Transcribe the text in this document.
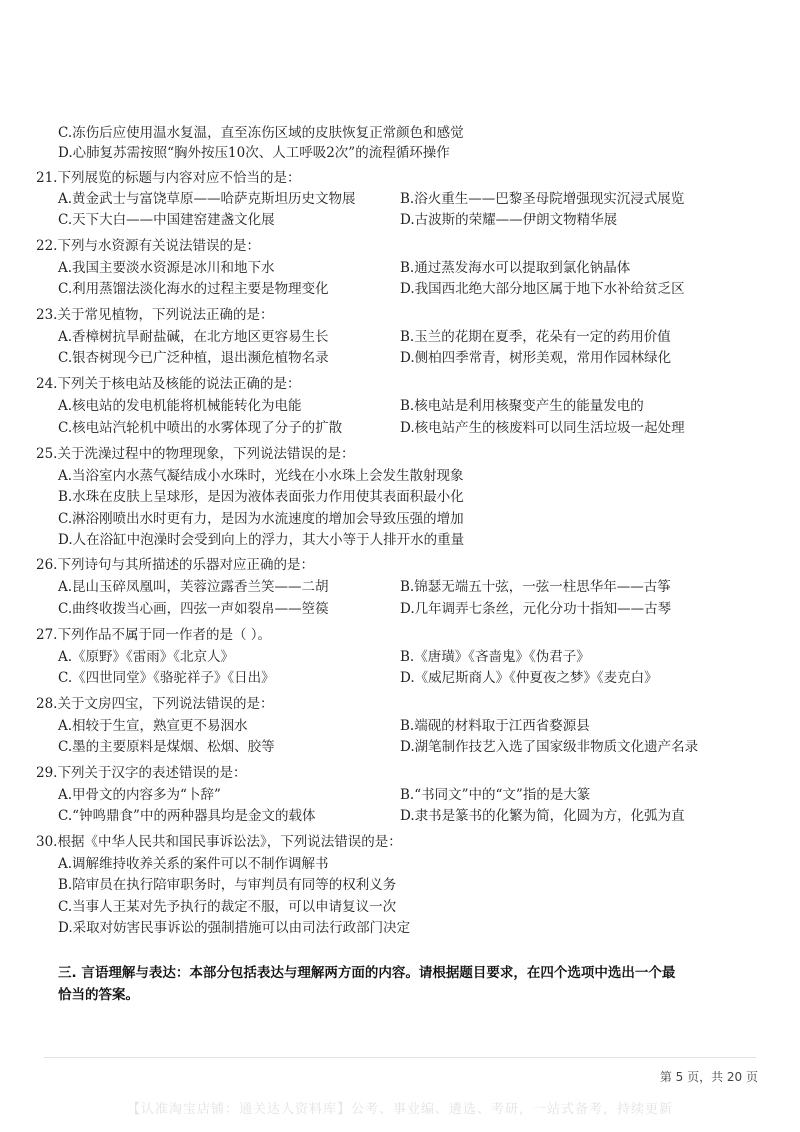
C.冻伤后应使用温水复温，直至冻伤区域的皮肤恢复正常颜色和感觉
D.心肺复苏需按照“胸外按压10次、人工呼吸2次”的流程循环操作
21.下列展览的标题与内容对应不恰当的是：
A.黄金武士与富饶草原——哈萨克斯坦历史文物展	B.浴火重生——巴黎圣母院增强现实沉浸式展览
C.天下大白——中国建窑建盏文化展	D.古波斯的荣耀——伊朗文物精华展
22.下列与水资源有关说法错误的是：
A.我国主要淡水资源是冰川和地下水	B.通过蒸发海水可以提取到氯化钠晶体
C.利用蒸馏法淡化海水的过程主要是物理变化	D.我国西北绝大部分地区属于地下水补给贫乏区
23.关于常见植物，下列说法正确的是：
A.香樟树抗旱耐盐碱，在北方地区更容易生长	B.玉兰的花期在夏季，花朵有一定的药用价值
C.银杏树现今已广泛种植，退出濒危植物名录	D.侧柏四季常青，树形美观，常用作园林绿化
24.下列关于核电站及核能的说法正确的是：
A.核电站的发电机能将机械能转化为电能	B.核电站是利用核聚变产生的能量发电的
C.核电站汽轮机中喷出的水雾体现了分子的扩散	D.核电站产生的核废料可以同生活垃圾一起处理
25.关于洗澡过程中的物理现象，下列说法错误的是：
A.当浴室内水蒸气凝结成小水珠时，光线在小水珠上会发生散射现象
B.水珠在皮肤上呈球形，是因为液体表面张力作用使其表面积最小化
C.淋浴刚喷出水时更有力，是因为水流速度的增加会导致压强的增加
D.人在浴缸中泡澡时会受到向上的浮力，其大小等于人排开水的重量
26.下列诗句与其所描述的乐器对应正确的是：
A.昆山玉碎凤凰叫，芙蓉泣露香兰笑——二胡	B.锦瑟无端五十弦，一弦一柱思华年——古筝
C.曲终收拨当心画，四弦一声如裂帛——箜篌	D.几年调弄七条丝，元化分功十指知——古琴
27.下列作品不属于同一作者的是（ ）。
A.《原野》《雷雨》《北京人》	B.《唐璜》《吝啬鬼》《伪君子》
C.《四世同堂》《骆驼祥子》《日出》	D.《威尼斯商人》《仲夏夜之梦》《麦克白》
28.关于文房四宝，下列说法错误的是：
A.相较于生宣，熟宣更不易洇水	B.端砚的材料取于江西省婺源县
C.墨的主要原料是煤烟、松烟、胶等	D.湖笔制作技艺入选了国家级非物质文化遗产名录
29.下列关于汉字的表述错误的是：
A.甲骨文的内容多为“卜辞”	B.“书同文”中的“文”指的是大篆
C.“钟鸣鼎食”中的两种器具均是金文的载体	D.隶书是篆书的化繁为简，化圆为方，化弧为直
30.根据《中华人民共和国民事诉讼法》，下列说法错误的是：
A.调解维持收养关系的案件可以不制作调解书
B.陪审员在执行陪审职务时，与审判员有同等的权利义务
C.当事人王某对先予执行的裁定不服，可以申请复议一次
D.采取对妨害民事诉讼的强制措施可以由司法行政部门决定
三. 言语理解与表达：本部分包括表达与理解两方面的内容。请根据题目要求，在四个选项中选出一个最
恰当的答案。
第 5 页，共 20 页
【认准淘宝店铺：通关达人资料库】公考、事业编、遴选、考研，一站式备考，持续更新
